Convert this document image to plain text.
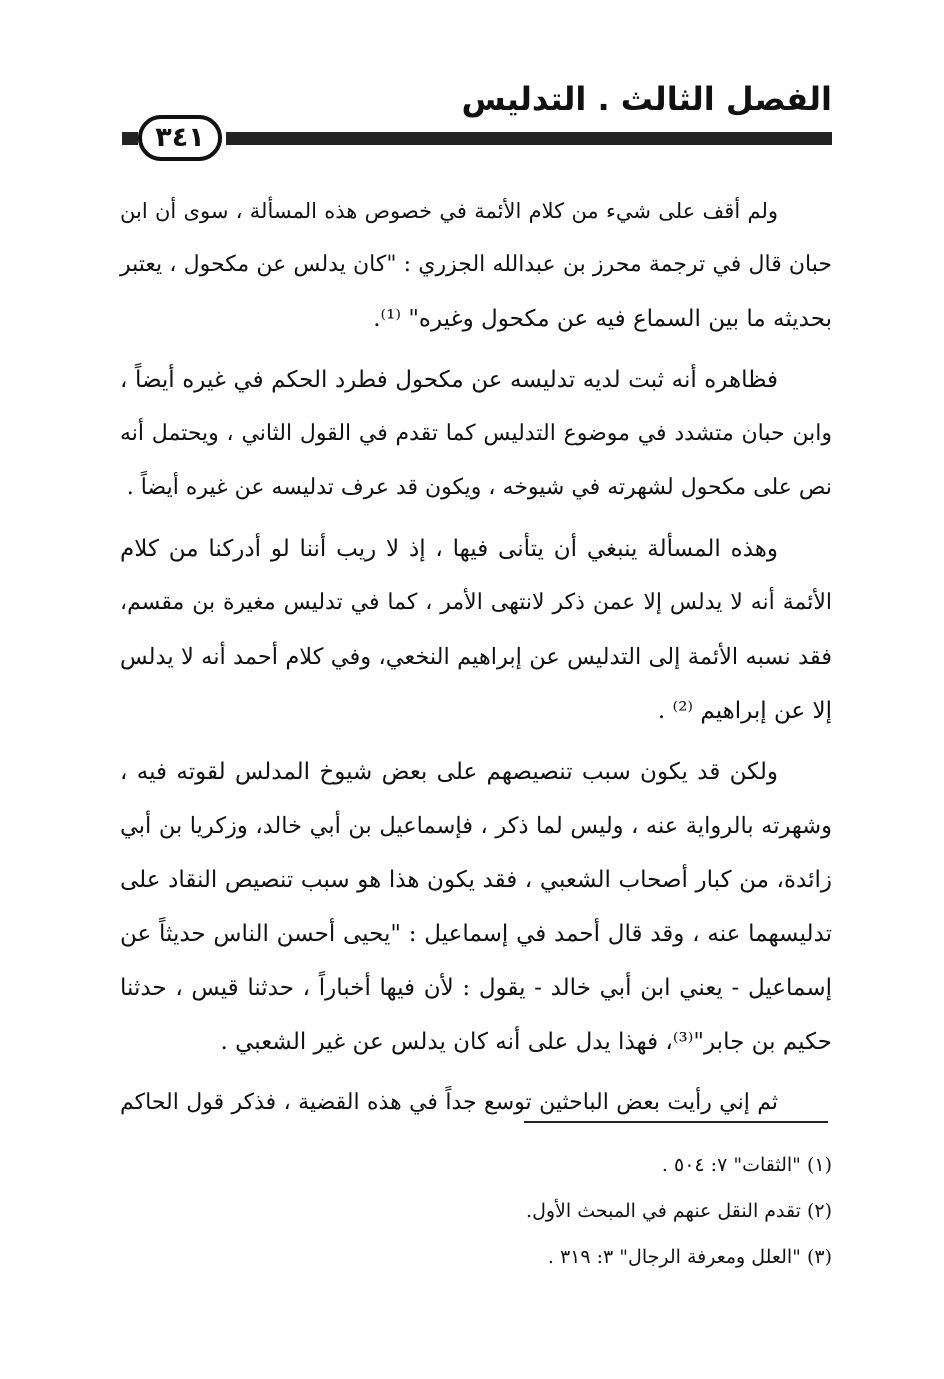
الفصل الثالث . التدليس
٣٤١
ولم أقف على شيء من كلام الأئمة في خصوص هذه المسألة ، سوى أن ابن
حبان قال في ترجمة محرز بن عبدالله الجزري : "كان يدلس عن مكحول ، يعتبر
بحديثه ما بين السماع فيه عن مكحول وغيره" ⁽¹⁾.
فظاهره أنه ثبت لديه تدليسه عن مكحول فطرد الحكم في غيره أيضاً ،
وابن حبان متشدد في موضوع التدليس كما تقدم في القول الثاني ، ويحتمل أنه
نص على مكحول لشهرته في شيوخه ، ويكون قد عرف تدليسه عن غيره أيضاً .
وهذه المسألة ينبغي أن يتأنى فيها ، إذ لا ريب أننا لو أدركنا من كلام
الأئمة أنه لا يدلس إلا عمن ذكر لانتهى الأمر ، كما في تدليس مغيرة بن مقسم،
فقد نسبه الأئمة إلى التدليس عن إبراهيم النخعي، وفي كلام أحمد أنه لا يدلس
إلا عن إبراهيم ⁽²⁾ .
ولكن قد يكون سبب تنصيصهم على بعض شيوخ المدلس لقوته فيه ،
وشهرته بالرواية عنه ، وليس لما ذكر ، فإسماعيل بن أبي خالد، وزكريا بن أبي
زائدة، من كبار أصحاب الشعبي ، فقد يكون هذا هو سبب تنصيص النقاد على
تدليسهما عنه ، وقد قال أحمد في إسماعيل : "يحيى أحسن الناس حديثاً عن
إسماعيل - يعني ابن أبي خالد - يقول : لأن فيها أخباراً ، حدثنا قيس ، حدثنا
حكيم بن جابر"⁽³⁾، فهذا يدل على أنه كان يدلس عن غير الشعبي .
ثم إني رأيت بعض الباحثين توسع جداً في هذه القضية ، فذكر قول الحاكم
(١) "الثقات" ٧: ٥٠٤ .
(٢) تقدم النقل عنهم في المبحث الأول.
(٣) "العلل ومعرفة الرجال" ٣: ٣١٩ .
